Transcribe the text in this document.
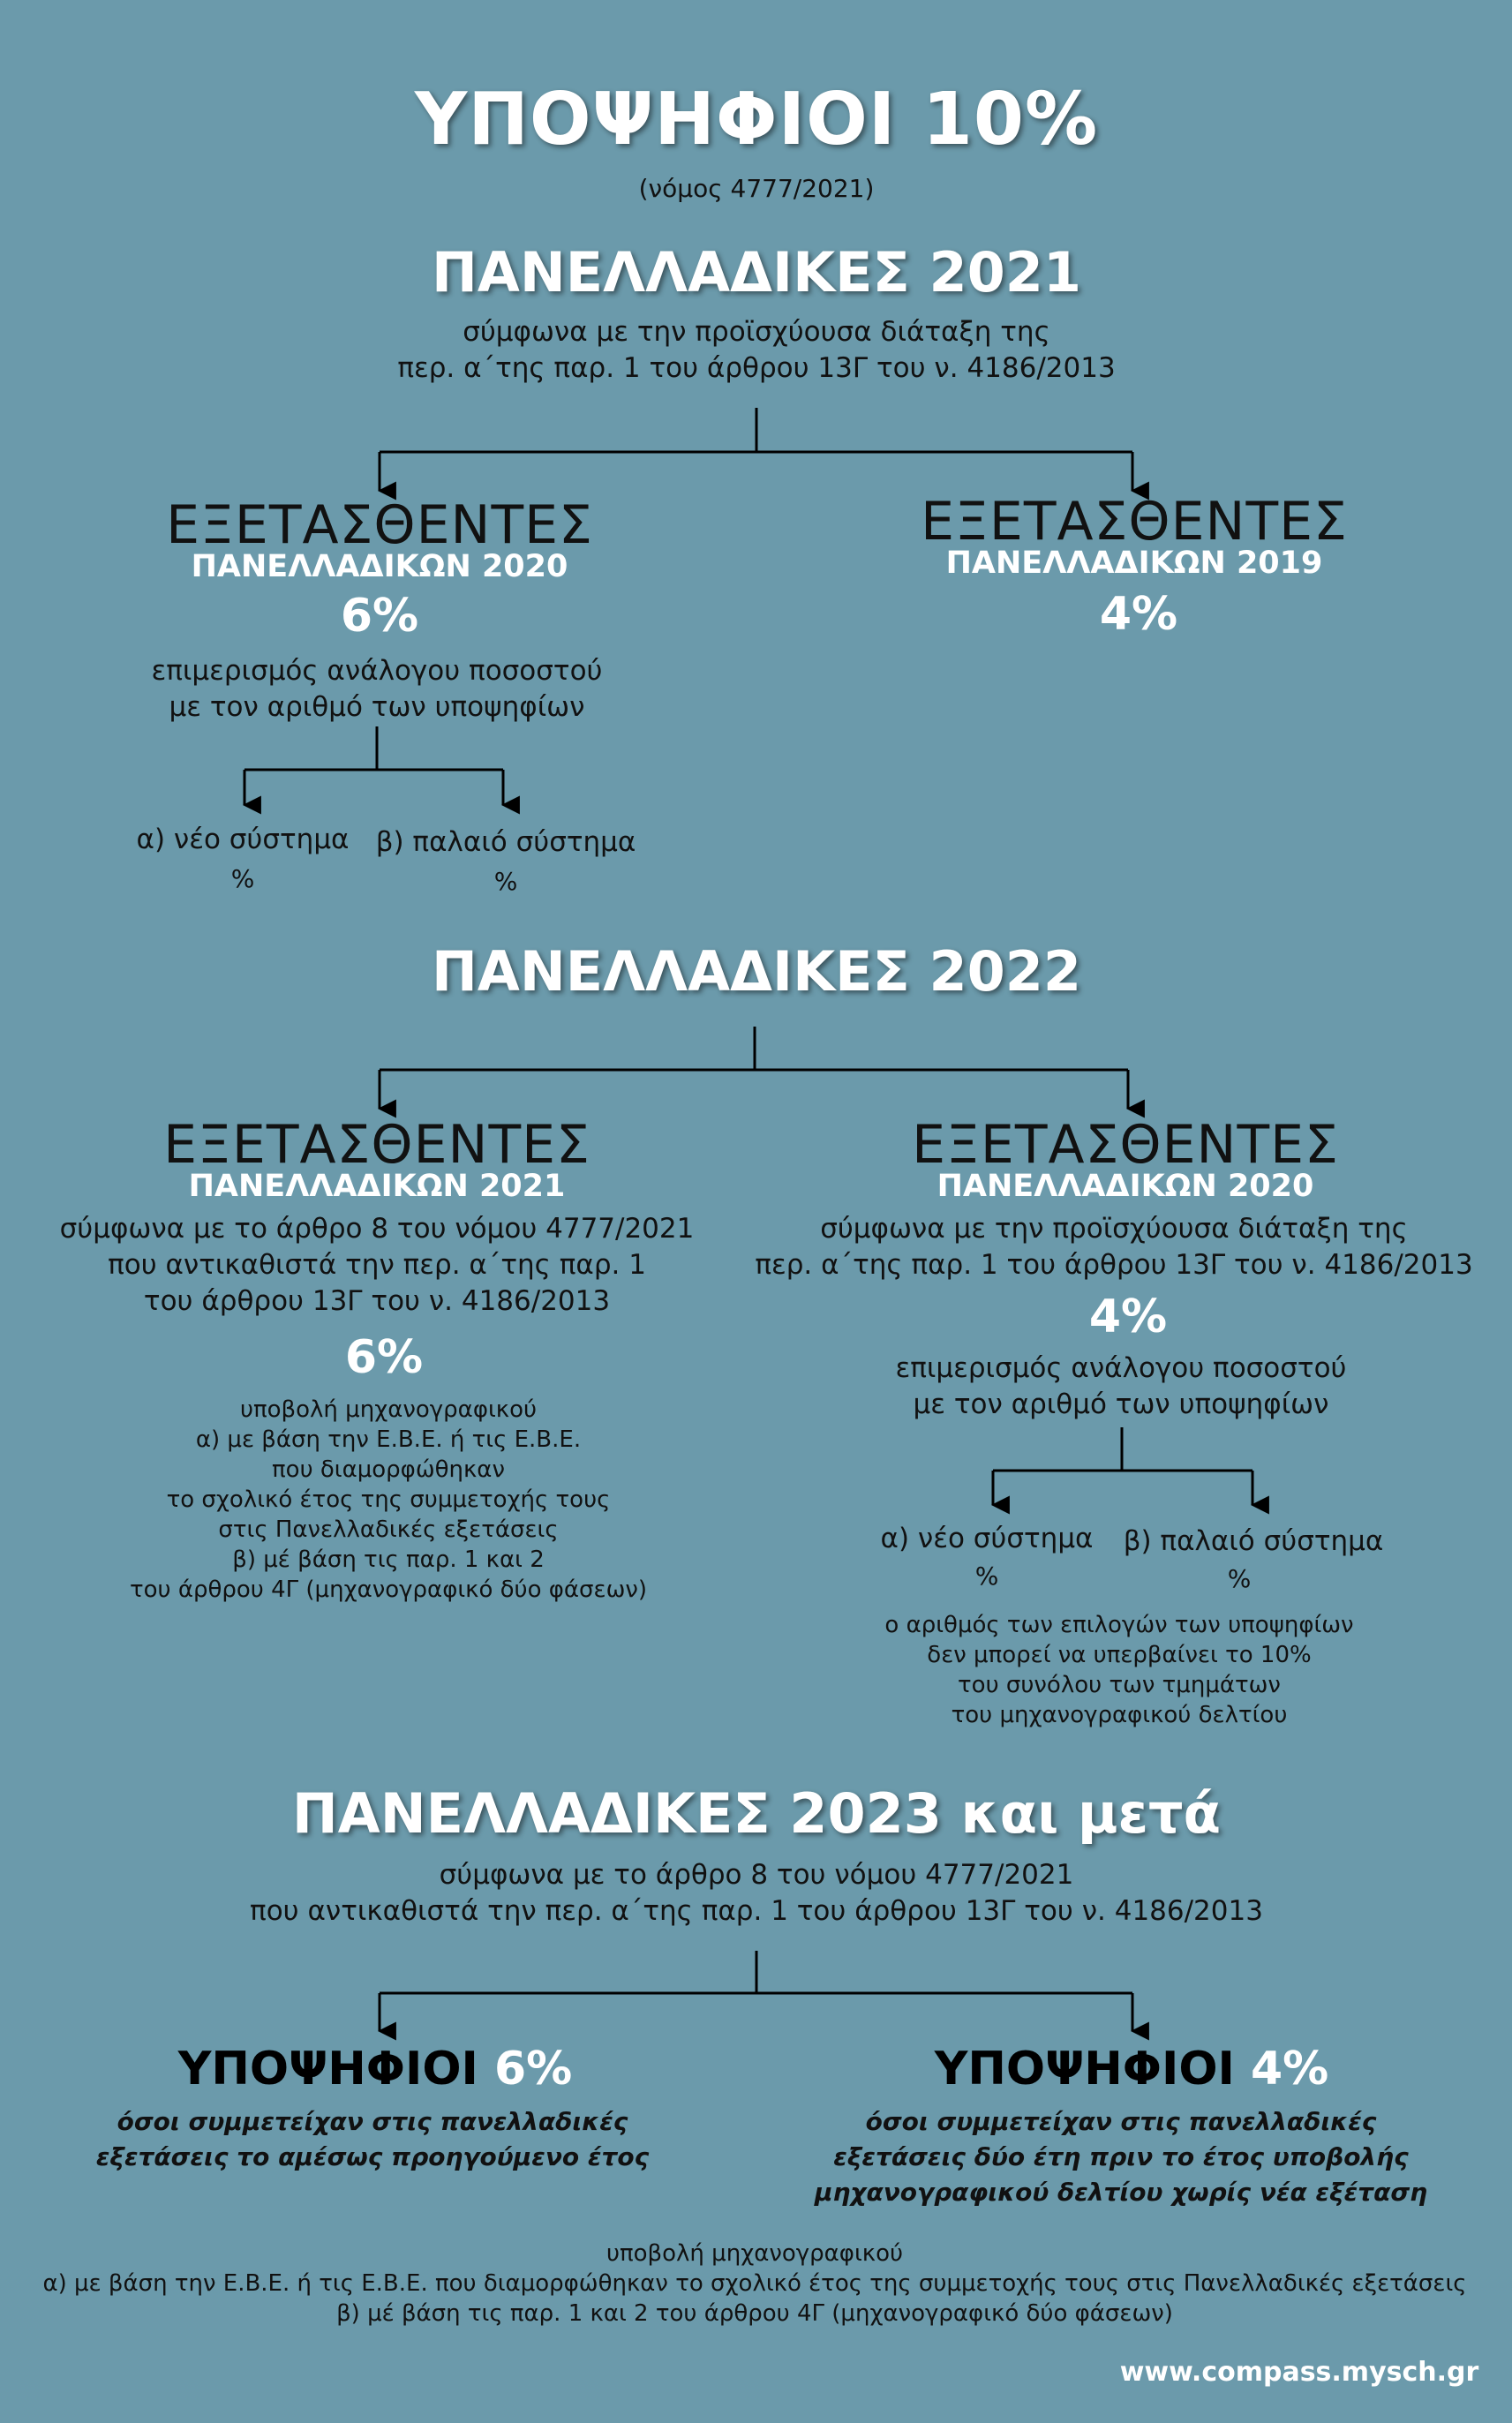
ΥΠΟΨΗΦΙΟΙ 10%
(νόμος 4777/2021)
ΠΑΝΕΛΛΑΔΙΚΕΣ 2021
σύμφωνα με την προϊσχύουσα διάταξη της
περ. α΄της παρ. 1 του άρθρου 13Γ του ν. 4186/2013
ΕΞΕΤΑΣΘΕΝΤΕΣ
ΠΑΝΕΛΛΑΔΙΚΩΝ 2020
6%
επιμερισμός ανάλογου ποσοστού
με τον αριθμό των υποψηφίων
α) νέο σύστημα
%
β) παλαιό σύστημα
%
ΕΞΕΤΑΣΘΕΝΤΕΣ
ΠΑΝΕΛΛΑΔΙΚΩΝ 2019
4%
ΠΑΝΕΛΛΑΔΙΚΕΣ 2022
ΕΞΕΤΑΣΘΕΝΤΕΣ
ΠΑΝΕΛΛΑΔΙΚΩΝ 2021
σύμφωνα με το άρθρο 8 του νόμου 4777/2021
που αντικαθιστά την περ. α΄της παρ. 1
του άρθρου 13Γ του ν. 4186/2013
6%
υποβολή μηχανογραφικού
α) με βάση την Ε.Β.Ε. ή τις Ε.Β.Ε.
που διαμορφώθηκαν
το σχολικό έτος της συμμετοχής τους
στις Πανελλαδικές εξετάσεις
β) μέ βάση τις παρ. 1 και 2
του άρθρου 4Γ (μηχανογραφικό δύο φάσεων)
ΕΞΕΤΑΣΘΕΝΤΕΣ
ΠΑΝΕΛΛΑΔΙΚΩΝ 2020
σύμφωνα με την προϊσχύουσα διάταξη της
περ. α΄της παρ. 1 του άρθρου 13Γ του ν. 4186/2013
4%
επιμερισμός ανάλογου ποσοστού
με τον αριθμό των υποψηφίων
α) νέο σύστημα
%
β) παλαιό σύστημα
%
ο αριθμός των επιλογών των υποψηφίων
δεν μπορεί να υπερβαίνει το 10%
του συνόλου των τμημάτων
του μηχανογραφικού δελτίου
ΠΑΝΕΛΛΑΔΙΚΕΣ 2023 και μετά
σύμφωνα με το άρθρο 8 του νόμου 4777/2021
που αντικαθιστά την περ. α΄της παρ. 1 του άρθρου 13Γ του ν. 4186/2013
ΥΠΟΨΗΦΙΟΙ 6%
όσοι συμμετείχαν στις πανελλαδικές
εξετάσεις το αμέσως προηγούμενο έτος
ΥΠΟΨΗΦΙΟΙ 4%
όσοι συμμετείχαν στις πανελλαδικές
εξετάσεις δύο έτη πριν το έτος υποβολής
μηχανογραφικού δελτίου χωρίς νέα εξέταση
υποβολή μηχανογραφικού
α) με βάση την Ε.Β.Ε. ή τις Ε.Β.Ε. που διαμορφώθηκαν το σχολικό έτος της συμμετοχής τους στις Πανελλαδικές εξετάσεις
β) μέ βάση τις παρ. 1 και 2 του άρθρου 4Γ (μηχανογραφικό δύο φάσεων)
www.compass.mysch.gr
